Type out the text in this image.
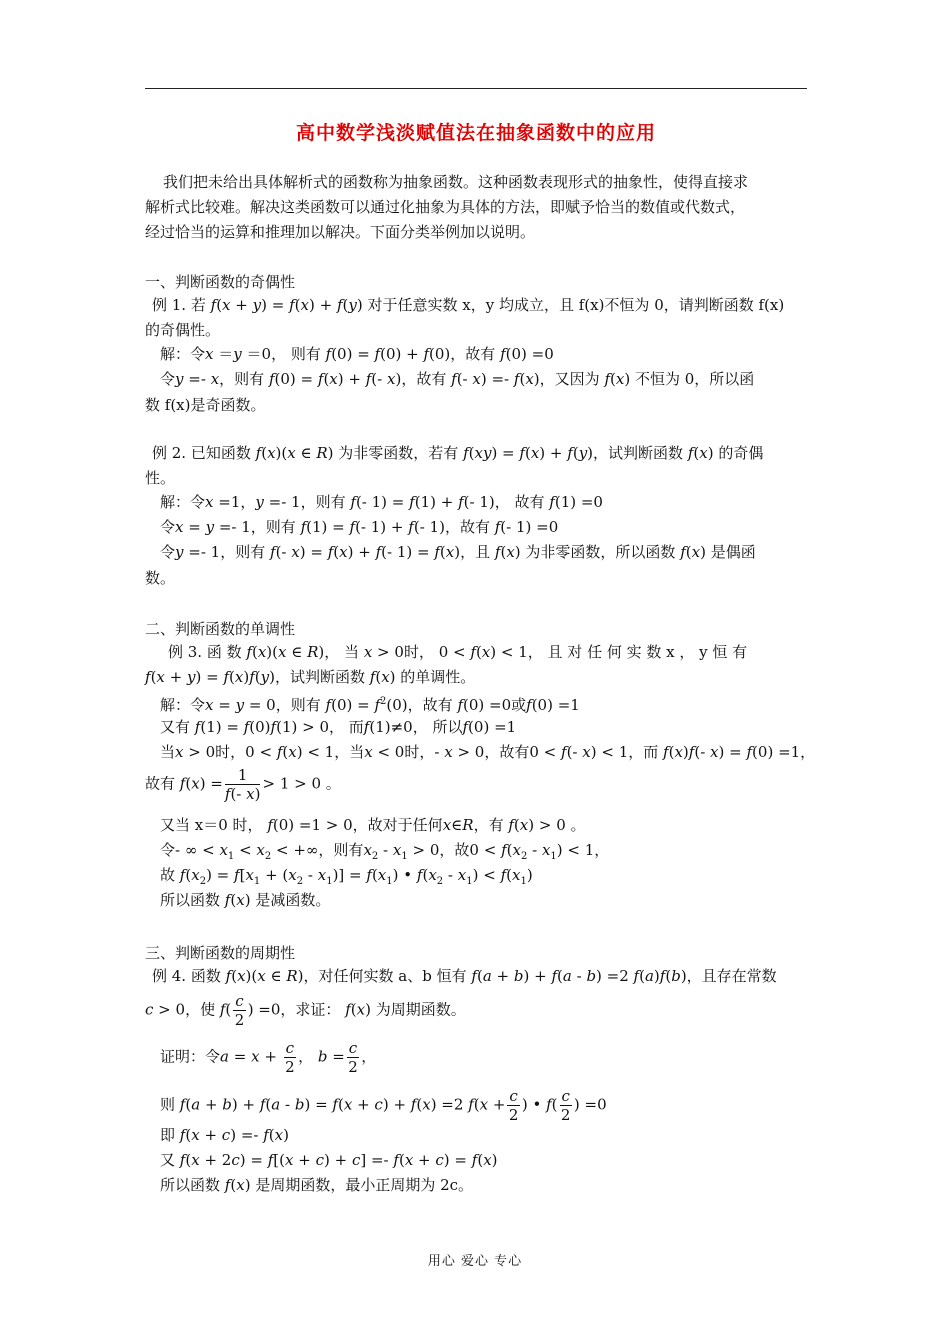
高中数学浅淡赋值法在抽象函数中的应用
我们把未给出具体解析式的函数称为抽象函数。这种函数表现形式的抽象性，使得直接求
解析式比较难。解决这类函数可以通过化抽象为具体的方法，即赋予恰当的数值或代数式，
经过恰当的运算和推理加以解决。下面分类举例加以说明。
一、判断函数的奇偶性
例 1. 若 f(x + y) = f(x) + f(y) 对于任意实数 x，y 均成立，且 f(x)不恒为 0，请判断函数 f(x)
的奇偶性。
解：令x ＝y ＝0， 则有 f(0) = f(0) + f(0)，故有 f(0) =0
令y =- x，则有 f(0) = f(x) + f(- x)，故有 f(- x) =- f(x)，又因为 f(x) 不恒为 0，所以函
数 f(x)是奇函数。
例 2. 已知函数 f(x)(x ∈ R) 为非零函数，若有 f(xy) = f(x) + f(y)，试判断函数 f(x) 的奇偶
性。
解：令x =1，y =- 1，则有 f(- 1) = f(1) + f(- 1)， 故有 f(1) =0
令x = y =- 1，则有 f(1) = f(- 1) + f(- 1)，故有 f(- 1) =0
令y =- 1，则有 f(- x) = f(x) + f(- 1) = f(x)，且 f(x) 为非零函数，所以函数 f(x) 是偶函
数。
二、判断函数的单调性
例 3. 函 数 f(x)(x ∈ R)， 当 x > 0时， 0 < f(x) < 1， 且 对 任 何 实 数 x ， y 恒 有
f(x + y) = f(x)f(y)，试判断函数 f(x) 的单调性。
解：令x = y = 0，则有 $f(0) = f^2(0)$，故有 f(0) =0或f(0) =1
又有 f(1) = f(0)f(1) > 0， 而f(1)≠0， 所以f(0) =1
当x > 0时，0 < f(x) < 1，当x < 0时，- x > 0，故有0 < f(- x) < 1，而 f(x)f(- x) = f(0) =1，
故有 $f(x) = \frac{1}{f(- x)} > 1 > 0$ 。
又当 x＝0 时， f(0) =1 > 0，故对于任何x∈R，有 f(x) > 0 。
令- ∞ < $x_1 < x_2$ < +∞，则有$x_2 - x_1 > 0$，故$0 < f(x_2 - x_1) < 1$，
故 $f(x_2) = f[x_1 + (x_2 - x_1)] = f(x_1)$ • $f(x_2 - x_1) < f(x_1)$
所以函数 f(x) 是减函数。
三、判断函数的周期性
例 4. 函数 f(x)(x ∈ R)，对任何实数 a、b 恒有 f(a + b) + f(a - b) =2 f(a)f(b)，且存在常数
c > 0，使 $f( \frac{c}{2}$ ) =0，求证： f(x) 为周期函数。
证明：令$a = x + \frac{c}{2}$ ， $b = \frac{c}{2}$ ，
则 f(a + b) + f(a - b) = f(x + c) + f(x) =2 $f(x + \frac{c}{2}$ ) • $f( \frac{c}{2}$ ) =0
即 f(x + c) =- f(x)
又 f(x + 2c) = f[(x + c) + c] =- f(x + c) = f(x)
所以函数 f(x) 是周期函数，最小正周期为 2c。
用心 爱心 专心
